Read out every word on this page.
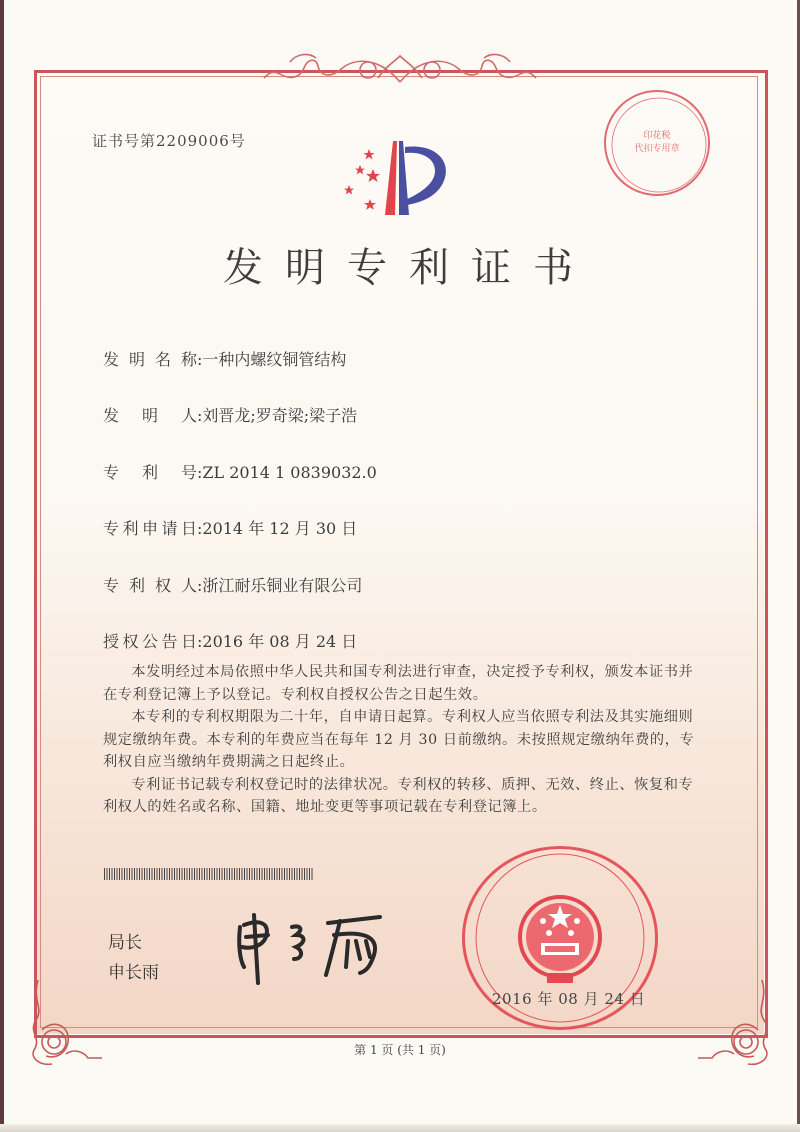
证书号第2209006号	印花税
代扣专用章
发明专利证书
发明名称:一种内螺纹铜管结构
发明人:刘晋龙;罗奇梁;梁子浩
专利号:ZL 2014 1 0839032.0
专利申请日:2014 年 12 月 30 日
专利权人:浙江耐乐铜业有限公司
授权公告日:2016 年 08 月 24 日

本发明经过本局依照中华人民共和国专利法进行审查，决定授予专利权，颁发本证书并在专利登记簿上予以登记。专利权自授权公告之日起生效。

本专利的专利权期限为二十年，自申请日起算。专利权人应当依照专利法及其实施细则规定缴纳年费。本专利的年费应当在每年 12 月 30 日前缴纳。未按照规定缴纳年费的，专利权自应当缴纳年费期满之日起终止。

专利证书记载专利权登记时的法律状况。专利权的转移、质押、无效、终止、恢复和专利权人的姓名或名称、国籍、地址变更等事项记载在专利登记簿上。

局长
申长雨
2016 年 08 月 24 日
第 1 页 (共 1 页)
